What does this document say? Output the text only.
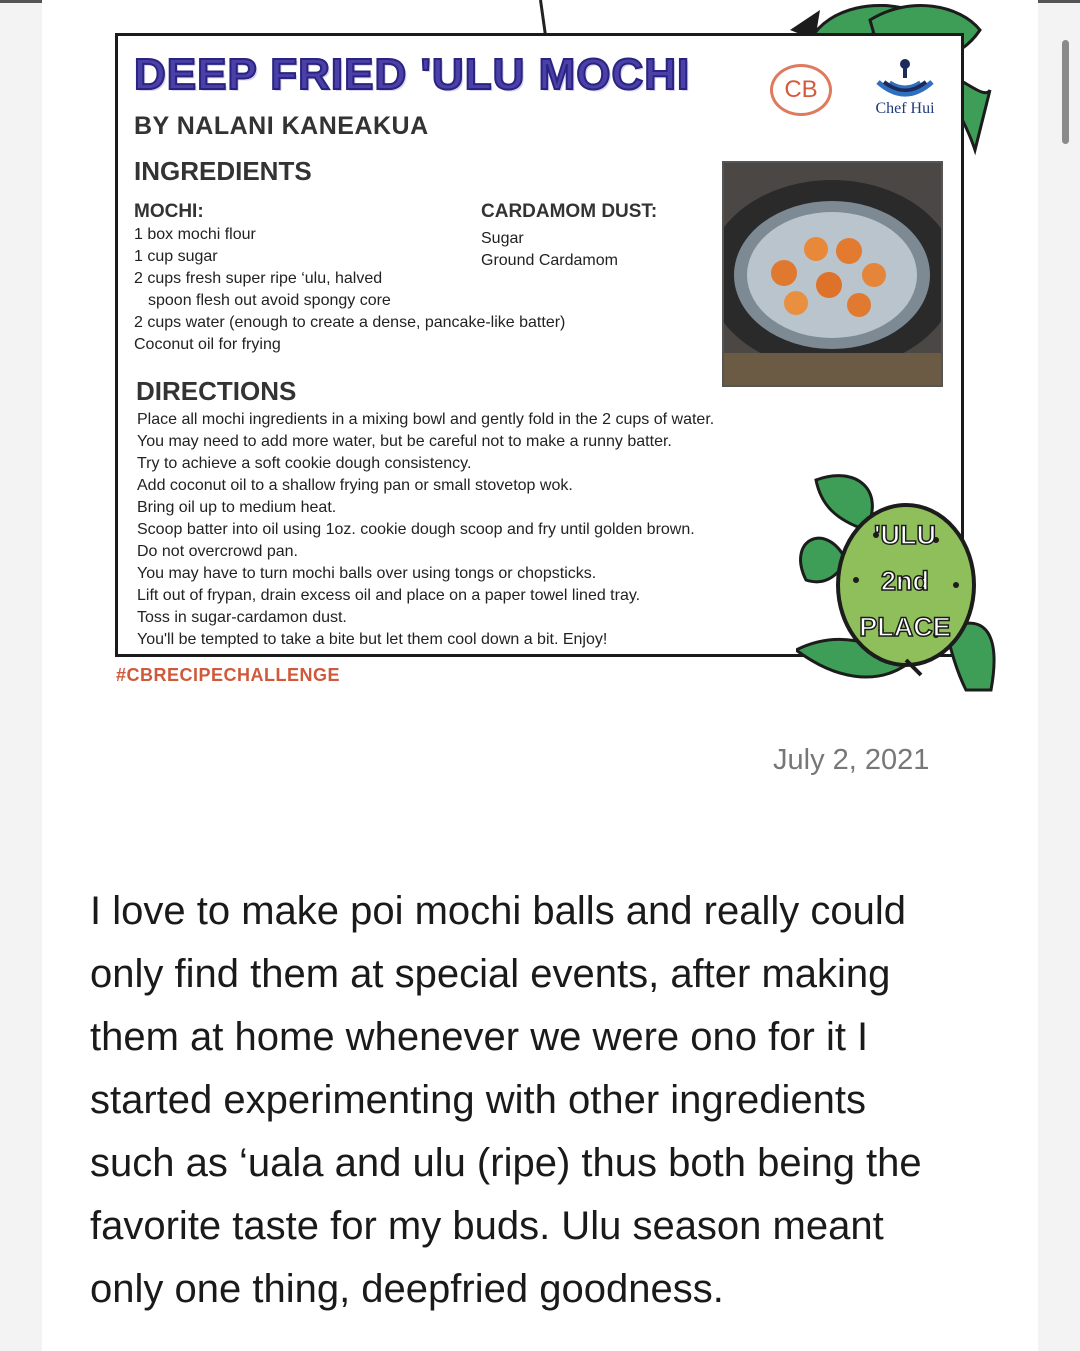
DEEP FRIED 'ULU MOCHI	CB
Chef Hui
BY NALANI KANEAKUA
INGREDIENTS
MOCHI:
1 box mochi flour
1 cup sugar
2 cups fresh super ripe ‘ulu, halved
spoon flesh out avoid spongy core
2 cups water (enough to create a dense, pancake-like batter)
Coconut oil for frying
CARDAMOM DUST:
Sugar
Ground Cardamom
DIRECTIONS
Place all mochi ingredients in a mixing bowl and gently fold in the 2 cups of water.
You may need to add more water, but be careful not to make a runny batter.
Try to achieve a soft cookie dough consistency.
Add coconut oil to a shallow frying pan or small stovetop wok.
Bring oil up to medium heat.
Scoop batter into oil using 1oz. cookie dough scoop and fry until golden brown.
Do not overcrowd pan.
You may have to turn mochi balls over using tongs or chopsticks.
Lift out of frypan, drain excess oil and place on a paper towel lined tray.
Toss in sugar-cardamon dust.
You'll be tempted to take a bite but let them cool down a bit. Enjoy!
#CBRECIPECHALLENGE
'ULU
2nd
PLACE
July 2, 2021
I love to make poi mochi balls and really could
only find them at special events, after making
them at home whenever we were ono for it I
started experimenting with other ingredients
such as ‘uala and ulu (ripe) thus both being the
favorite taste for my buds. Ulu season meant
only one thing, deepfried goodness.
